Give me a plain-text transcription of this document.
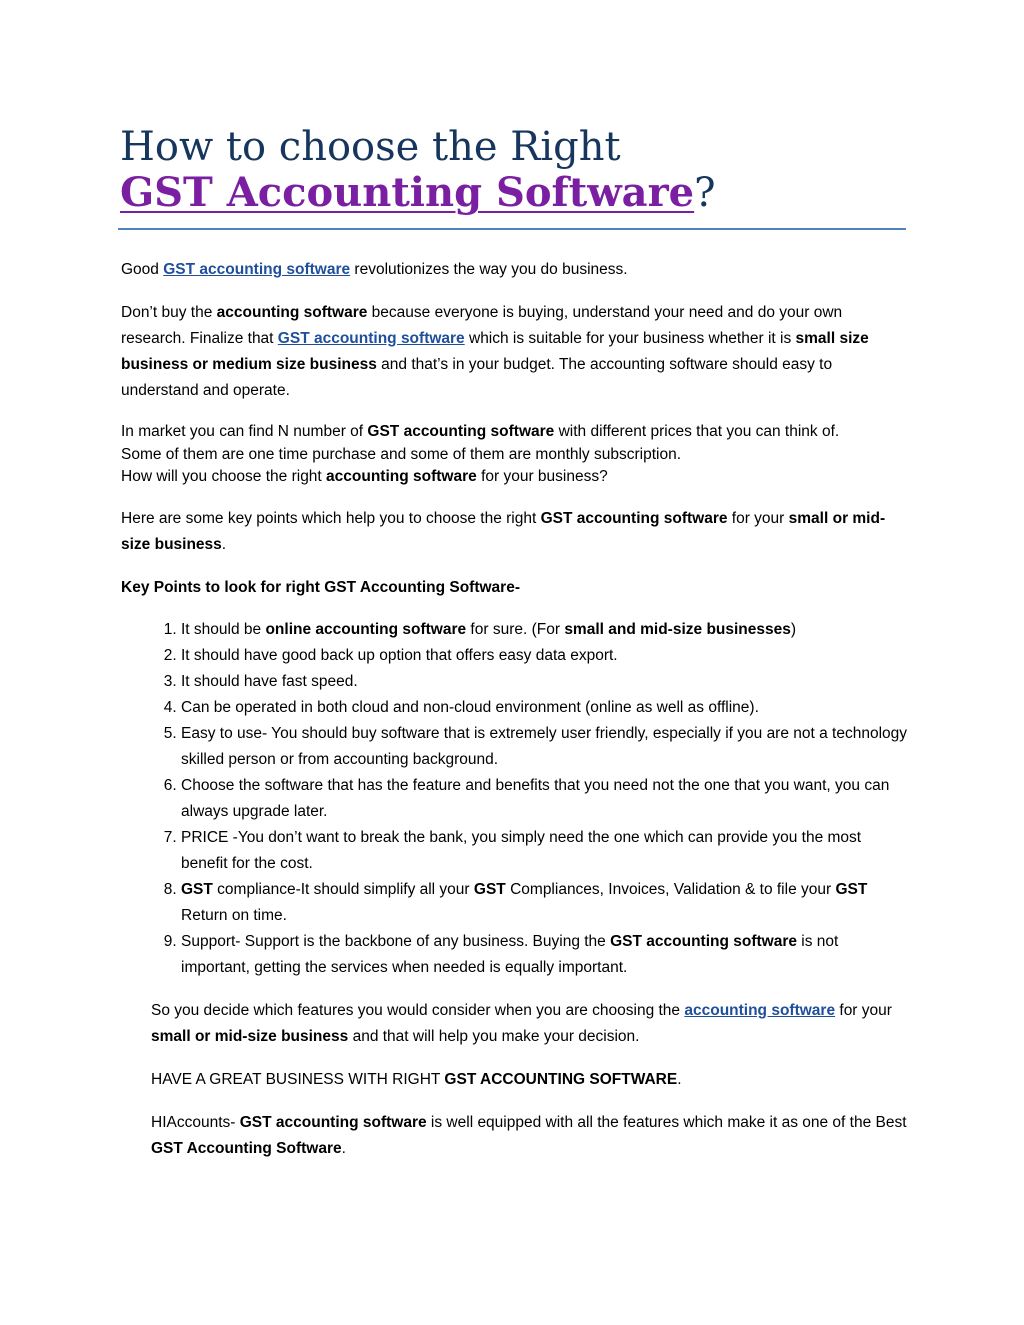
How to choose the Right
GST Accounting Software?

Good GST accounting software revolutionizes the way you do business.

Don’t buy the accounting software because everyone is buying, understand your need and do your own research. Finalize that GST accounting software which is suitable for your business whether it is small size business or medium size business and that’s in your budget. The accounting software should easy to understand and operate.

In market you can find N number of GST accounting software with different prices that you can think of.
Some of them are one time purchase and some of them are monthly subscription.
How will you choose the right accounting software for your business?

Here are some key points which help you to choose the right GST accounting software for your small or mid-size business.

Key Points to look for right GST Accounting Software-

1. It should be online accounting software for sure. (For small and mid-size businesses)
2. It should have good back up option that offers easy data export.
3. It should have fast speed.
4. Can be operated in both cloud and non-cloud environment (online as well as offline).
5. Easy to use- You should buy software that is extremely user friendly, especially if you are not a technology skilled person or from accounting background.
6. Choose the software that has the feature and benefits that you need not the one that you want, you can always upgrade later.
7. PRICE -You don’t want to break the bank, you simply need the one which can provide you the most benefit for the cost.
8. GST compliance-It should simplify all your GST Compliances, Invoices, Validation & to file your GST Return on time.
9. Support- Support is the backbone of any business. Buying the GST accounting software is not important, getting the services when needed is equally important.

So you decide which features you would consider when you are choosing the accounting software for your small or mid-size business and that will help you make your decision.

HAVE A GREAT BUSINESS WITH RIGHT GST ACCOUNTING SOFTWARE.

HIAccounts- GST accounting software is well equipped with all the features which make it as one of the Best GST Accounting Software.
